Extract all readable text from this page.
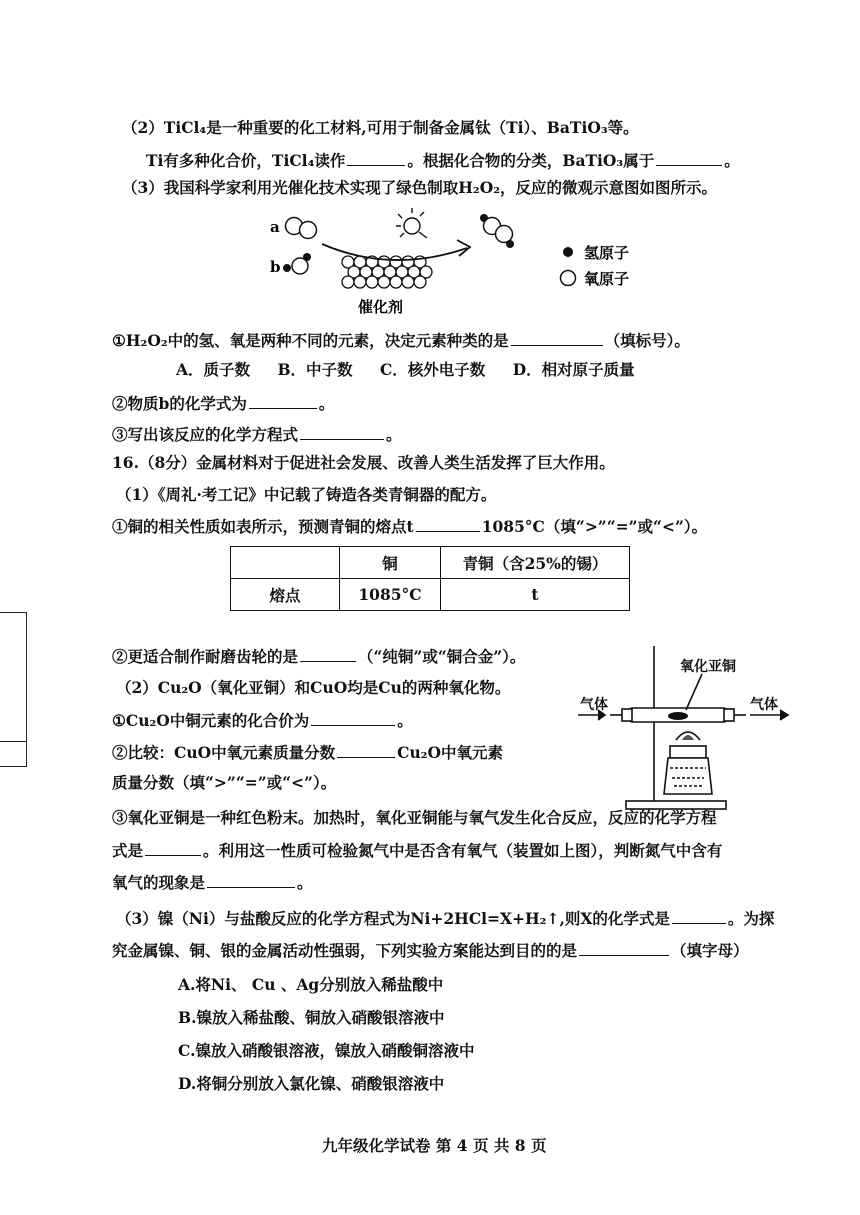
（2）TiCl₄是一种重要的化工材料,可用于制备金属钛（Ti）、BaTiO₃等。
Ti有多种化合价，TiCl₄读作	。根据化合物的分类，BaTiO₃属于	。
（3）我国科学家利用光催化技术实现了绿色制取H₂O₂，反应的微观示意图如图所示。
a
b
催化剂
氢原子
氧原子
①H₂O₂中的氢、氧是两种不同的元素，决定元素种类的是	（填标号）。
A．质子数 B．中子数 C．核外电子数 D．相对原子质量
②物质b的化学式为	。
③写出该反应的化学方程式	。
16.（8分）金属材料对于促进社会发展、改善人类生活发挥了巨大作用。
（1）《周礼·考工记》中记载了铸造各类青铜器的配方。
①铜的相关性质如表所示，预测青铜的熔点t	1085°C（填“>”“=”或“<”）。
	铜	青铜（含25%的锡）
熔点	1085°C	t
②更适合制作耐磨齿轮的是	（“纯铜”或“铜合金”）。
（2）Cu₂O（氧化亚铜）和CuO均是Cu的两种氧化物。
①Cu₂O中铜元素的化合价为	。
②比较：CuO中氧元素质量分数	Cu₂O中氧元素
质量分数（填“>”“=”或“<”）。
氧化亚铜
气体	气体
③氧化亚铜是一种红色粉末。加热时，氧化亚铜能与氧气发生化合反应，反应的化学方程
式是	。利用这一性质可检验氮气中是否含有氧气（装置如上图），判断氮气中含有
氧气的现象是	。
（3）镍（Ni）与盐酸反应的化学方程式为Ni+2HCl=X+H₂↑,则X的化学式是	。为探
究金属镍、铜、银的金属活动性强弱，下列实验方案能达到目的的是	（填字母）
A.将Ni、 Cu 、Ag分别放入稀盐酸中
B.镍放入稀盐酸、铜放入硝酸银溶液中
C.镍放入硝酸银溶液，镍放入硝酸铜溶液中
D.将铜分别放入氯化镍、硝酸银溶液中
九年级化学试卷 第 4 页 共 8 页
